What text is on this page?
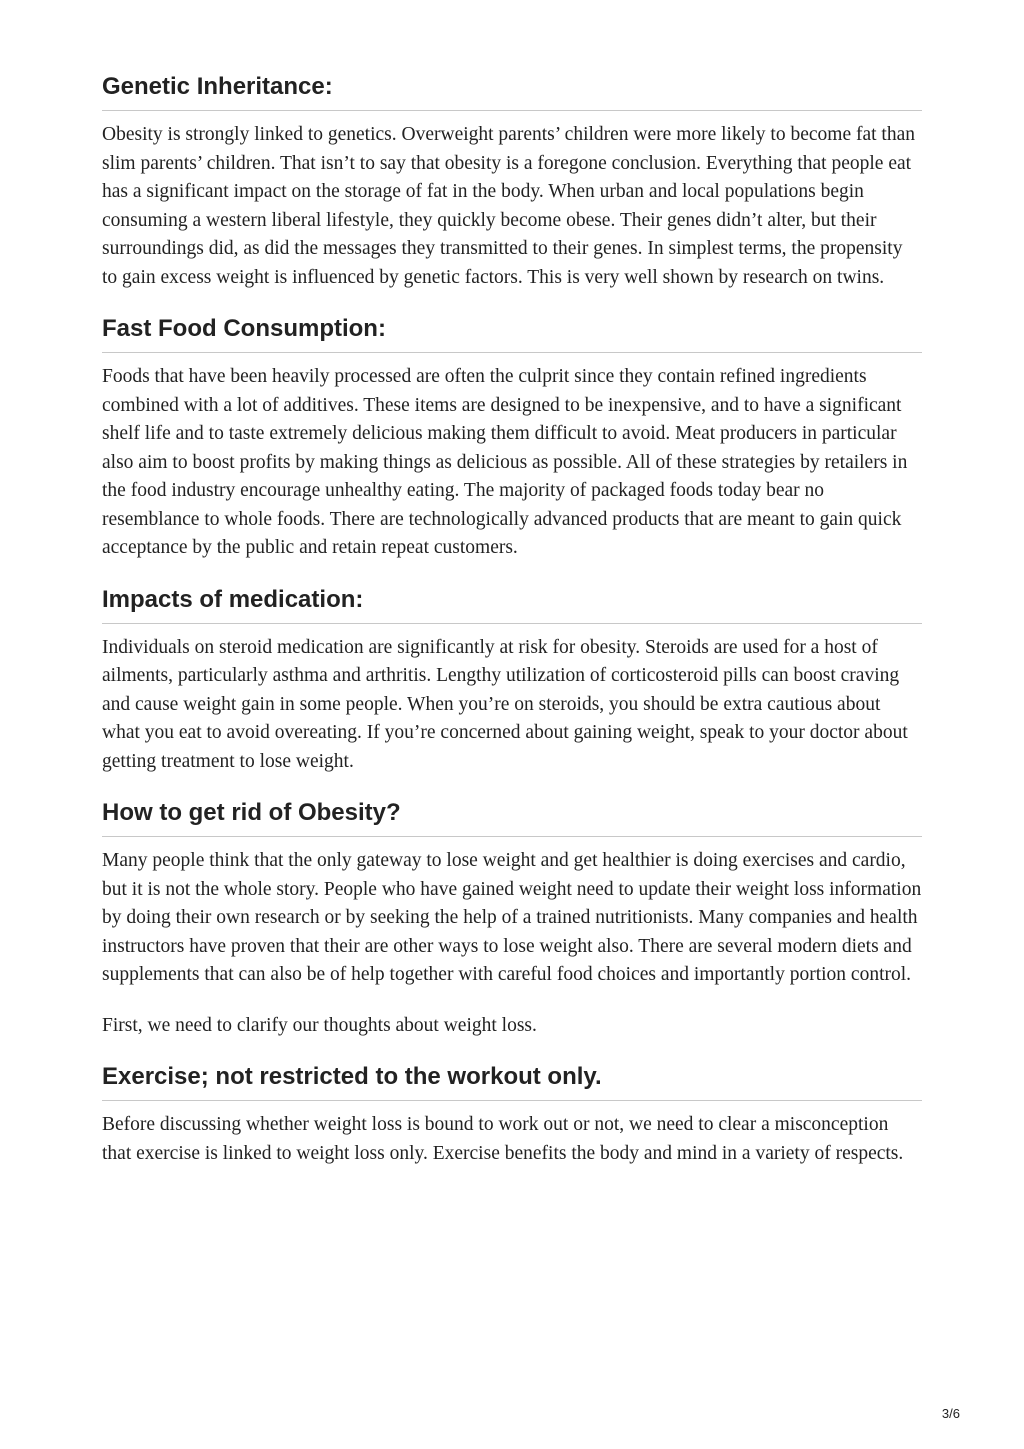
Genetic Inheritance:

Obesity is strongly linked to genetics. Overweight parents’ children were more likely to become fat than slim parents’ children. That isn’t to say that obesity is a foregone conclusion. Everything that people eat has a significant impact on the storage of fat in the body. When urban and local populations begin consuming a western liberal lifestyle, they quickly become obese. Their genes didn’t alter, but their surroundings did, as did the messages they transmitted to their genes. In simplest terms, the propensity to gain excess weight is influenced by genetic factors. This is very well shown by research on twins.

Fast Food Consumption:

Foods that have been heavily processed are often the culprit since they contain refined ingredients combined with a lot of additives. These items are designed to be inexpensive, and to have a significant shelf life and to taste extremely delicious making them difficult to avoid. Meat producers in particular also aim to boost profits by making things as delicious as possible. All of these strategies by retailers in the food industry encourage unhealthy eating. The majority of packaged foods today bear no resemblance to whole foods. There are technologically advanced products that are meant to gain quick acceptance by the public and retain repeat customers.

Impacts of medication:

Individuals on steroid medication are significantly at risk for obesity. Steroids are used for a host of ailments, particularly asthma and arthritis. Lengthy utilization of corticosteroid pills can boost craving and cause weight gain in some people. When you’re on steroids, you should be extra cautious about what you eat to avoid overeating. If you’re concerned about gaining weight, speak to your doctor about getting treatment to lose weight.

How to get rid of Obesity?

Many people think that the only gateway to lose weight and get healthier is doing exercises and cardio, but it is not the whole story. People who have gained weight need to update their weight loss information by doing their own research or by seeking the help of a trained nutritionists. Many companies and health instructors have proven that their are other ways to lose weight also. There are several modern diets and supplements that can also be of help together with careful food choices and importantly portion control.

First, we need to clarify our thoughts about weight loss.

Exercise; not restricted to the workout only.

Before discussing whether weight loss is bound to work out or not, we need to clear a misconception that exercise is linked to weight loss only. Exercise benefits the body and mind in a variety of respects.

3/6
